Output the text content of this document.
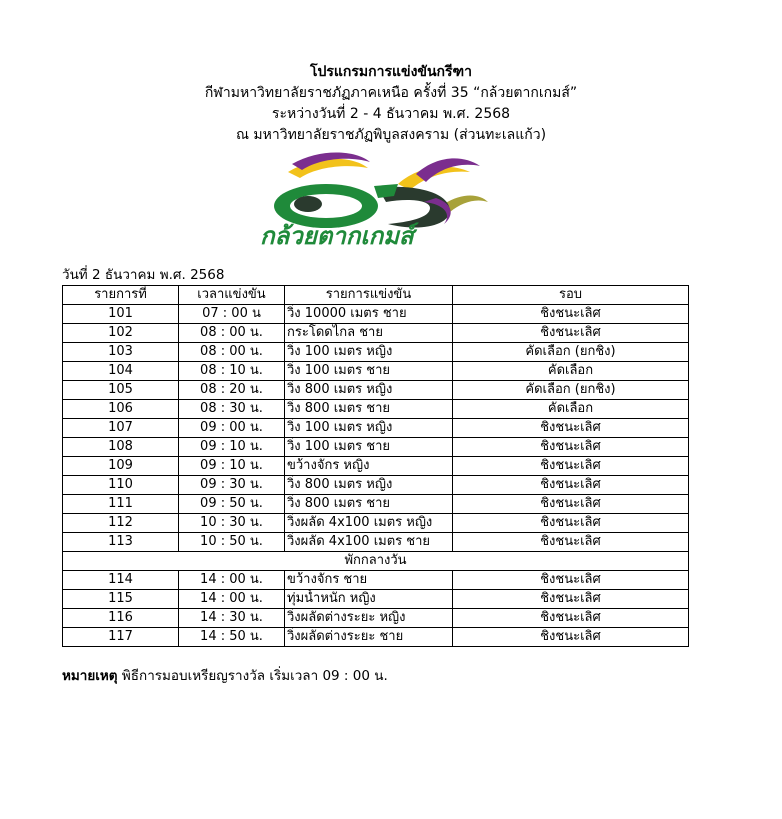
โปรแกรมการแข่งขันกรีฑา
กีฬามหาวิทยาลัยราชภัฏภาคเหนือ ครั้งที่ 35 “กล้วยตากเกมส์”
ระหว่างวันที่ 2 - 4 ธันวาคม พ.ศ. 2568
ณ มหาวิทยาลัยราชภัฏพิบูลสงคราม (ส่วนทะเลแก้ว)
กล้วยตากเกมส์
วันที่ 2 ธันวาคม พ.ศ. 2568
รายการที่	เวลาแข่งขัน	รายการแข่งขัน	รอบ
101	07 : 00 น	วิ่ง 10000 เมตร ชาย	ชิงชนะเลิศ
102	08 : 00 น.	กระโดดไกล ชาย	ชิงชนะเลิศ
103	08 : 00 น.	วิ่ง 100 เมตร หญิง	คัดเลือก (ยกชิง)
104	08 : 10 น.	วิ่ง 100 เมตร ชาย	คัดเลือก
105	08 : 20 น.	วิ่ง 800 เมตร หญิง	คัดเลือก (ยกชิง)
106	08 : 30 น.	วิ่ง 800 เมตร ชาย	คัดเลือก
107	09 : 00 น.	วิ่ง 100 เมตร หญิง	ชิงชนะเลิศ
108	09 : 10 น.	วิ่ง 100 เมตร ชาย	ชิงชนะเลิศ
109	09 : 10 น.	ขว้างจักร หญิง	ชิงชนะเลิศ
110	09 : 30 น.	วิ่ง 800 เมตร หญิง	ชิงชนะเลิศ
111	09 : 50 น.	วิ่ง 800 เมตร ชาย	ชิงชนะเลิศ
112	10 : 30 น.	วิ่งผลัด 4x100 เมตร หญิง	ชิงชนะเลิศ
113	10 : 50 น.	วิ่งผลัด 4x100 เมตร ชาย	ชิงชนะเลิศ
พักกลางวัน			
114	14 : 00 น.	ขว้างจักร ชาย	ชิงชนะเลิศ
115	14 : 00 น.	ทุ่มน้ำหนัก หญิง	ชิงชนะเลิศ
116	14 : 30 น.	วิ่งผลัดต่างระยะ หญิง	ชิงชนะเลิศ
117	14 : 50 น.	วิ่งผลัดต่างระยะ ชาย	ชิงชนะเลิศ
หมายเหตุ พิธีการมอบเหรียญรางวัล เริ่มเวลา 09 : 00 น.
